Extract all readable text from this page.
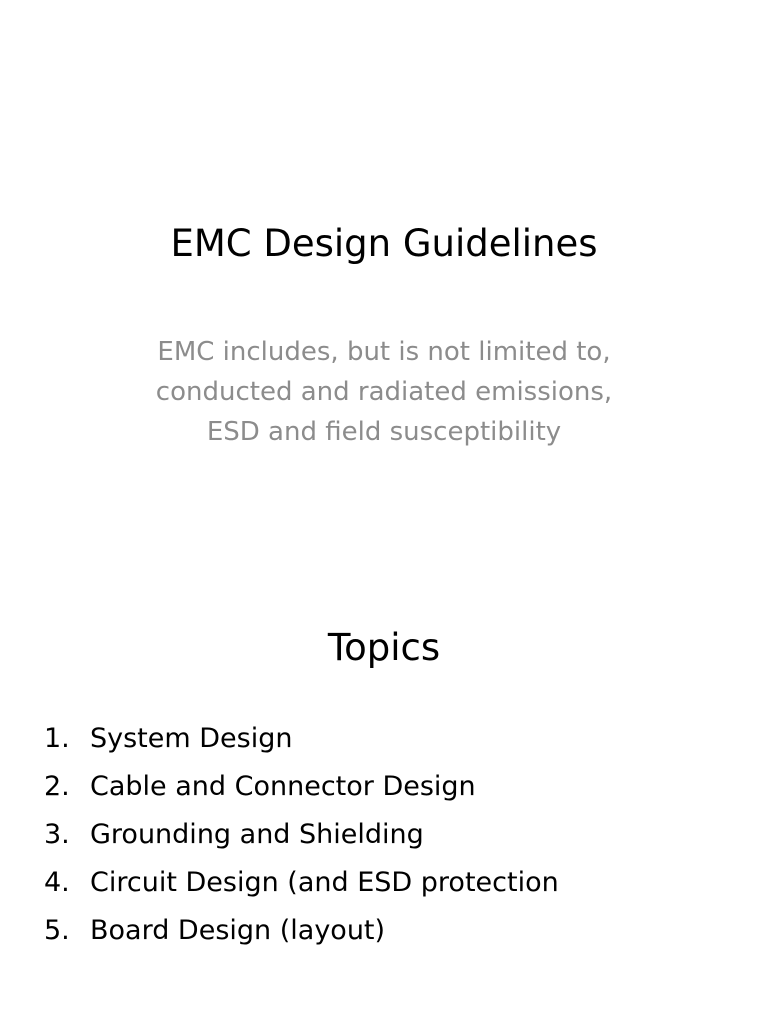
EMC Design Guidelines

EMC includes, but is not limited to,
conducted and radiated emissions,
ESD and field susceptibility

Topics
1. System Design
2. Cable and Connector Design
3. Grounding and Shielding
4. Circuit Design (and ESD protection
5. Board Design (layout)
